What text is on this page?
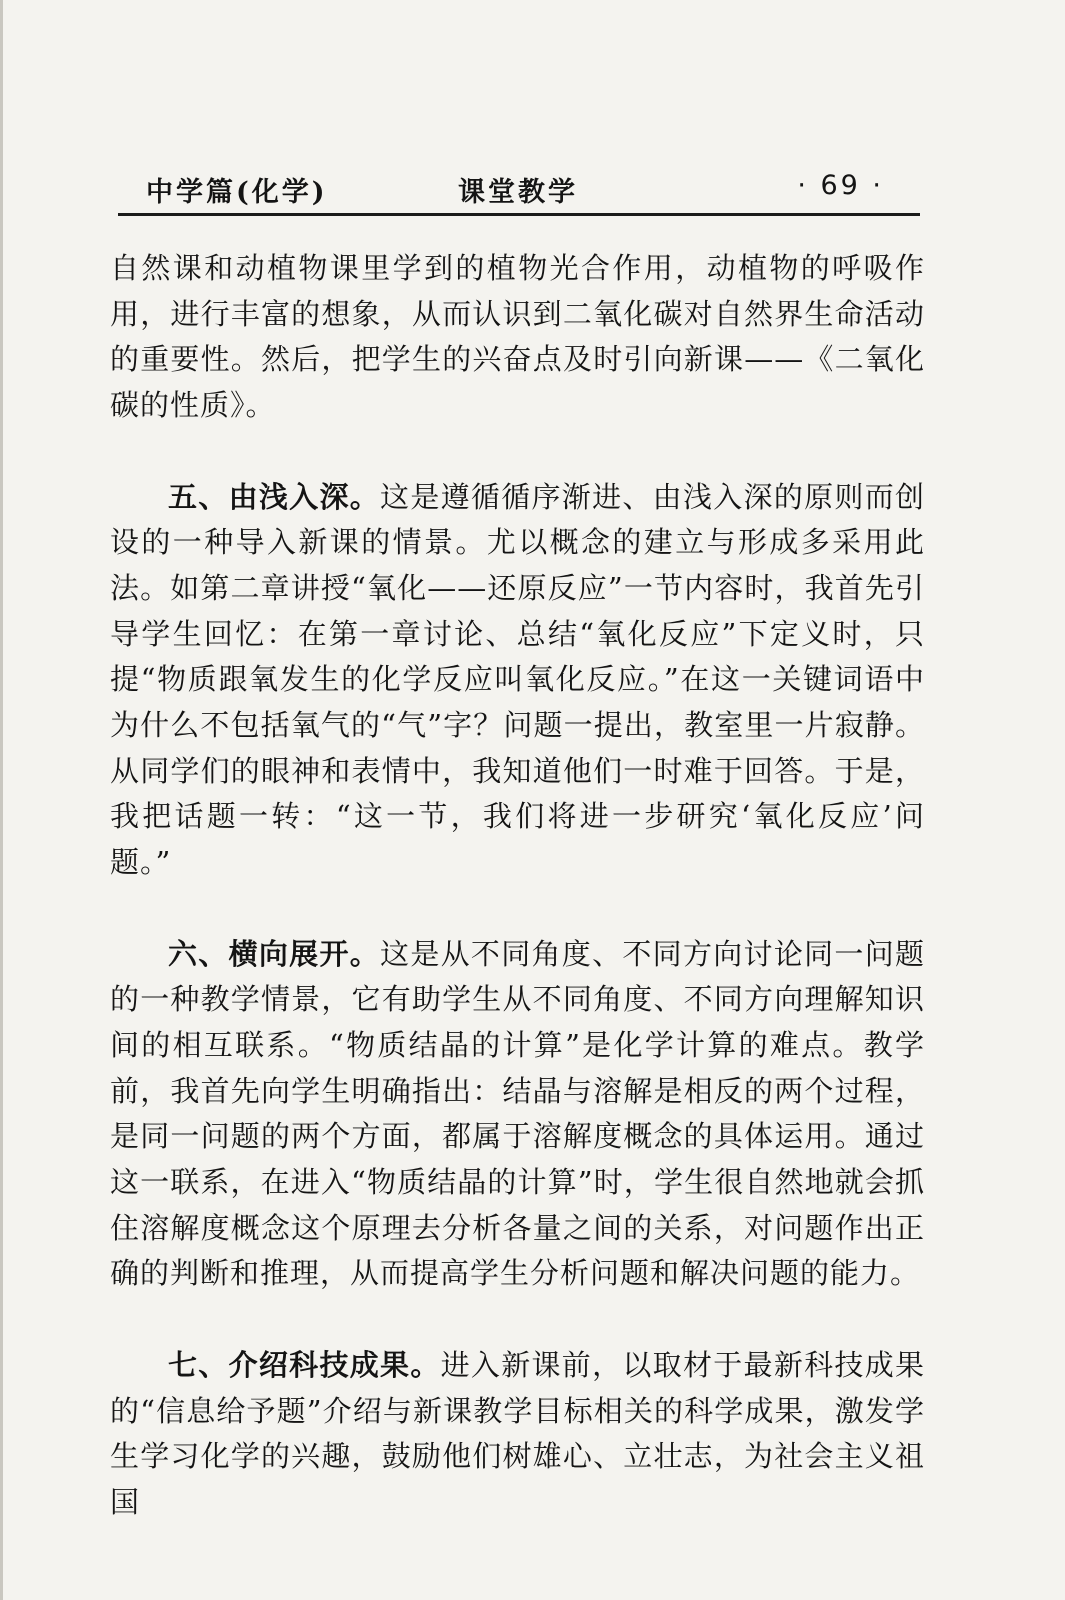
中学篇(化学)	课堂教学	· 69 ·

自然课和动植物课里学到的植物光合作用，动植物的呼吸作用，进行丰富的想象，从而认识到二氧化碳对自然界生命活动的重要性。然后，把学生的兴奋点及时引向新课——《二氧化碳的性质》。

五、由浅入深。这是遵循循序渐进、由浅入深的原则而创设的一种导入新课的情景。尤以概念的建立与形成多采用此法。如第二章讲授“氧化——还原反应”一节内容时，我首先引导学生回忆：在第一章讨论、总结“氧化反应”下定义时，只提“物质跟氧发生的化学反应叫氧化反应。”在这一关键词语中为什么不包括氧气的“气”字？问题一提出，教室里一片寂静。从同学们的眼神和表情中，我知道他们一时难于回答。于是，我把话题一转：“这一节，我们将进一步研究‘氧化反应’问题。”

六、横向展开。这是从不同角度、不同方向讨论同一问题的一种教学情景，它有助学生从不同角度、不同方向理解知识间的相互联系。“物质结晶的计算”是化学计算的难点。教学前，我首先向学生明确指出：结晶与溶解是相反的两个过程，是同一问题的两个方面，都属于溶解度概念的具体运用。通过这一联系，在进入“物质结晶的计算”时，学生很自然地就会抓住溶解度概念这个原理去分析各量之间的关系，对问题作出正确的判断和推理，从而提高学生分析问题和解决问题的能力。

七、介绍科技成果。进入新课前，以取材于最新科技成果的“信息给予题”介绍与新课教学目标相关的科学成果，激发学生学习化学的兴趣，鼓励他们树雄心、立壮志，为社会主义祖国
